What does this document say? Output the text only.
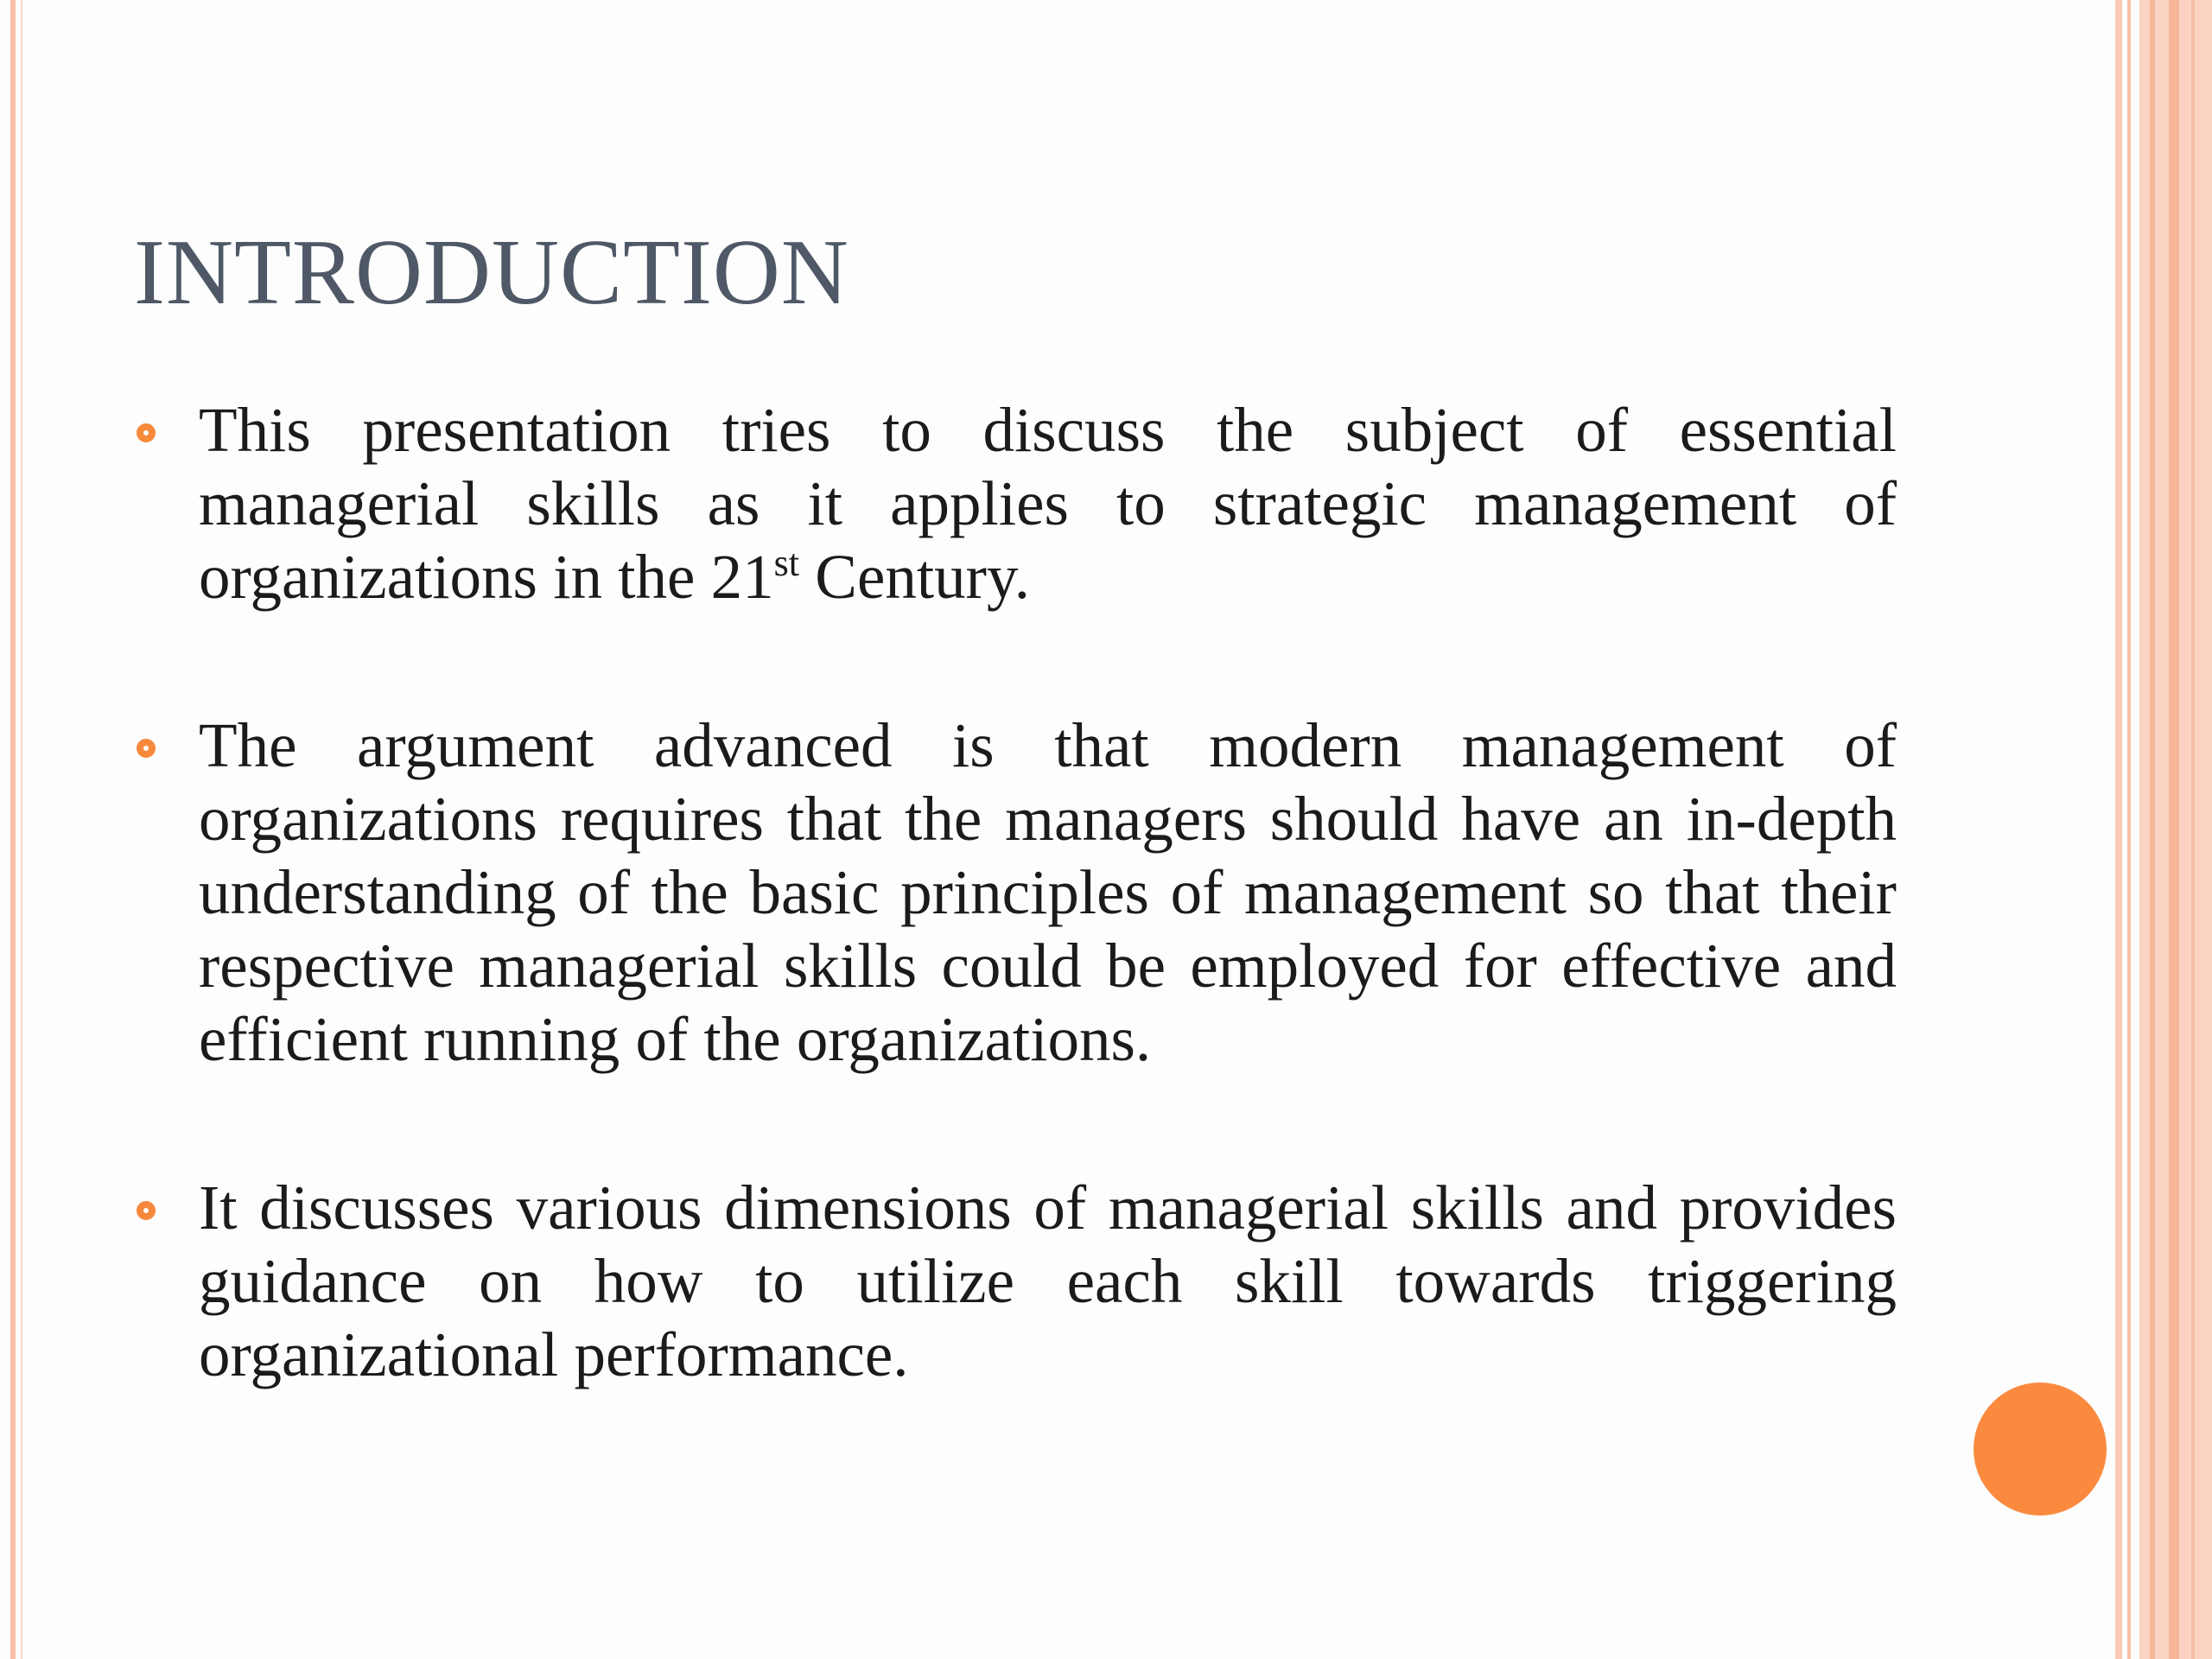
INTRODUCTION
This presentation tries to discuss the subject of essential managerial skills as it applies to strategic management of organizations in the 21st Century.
The argument advanced is that modern management of organizations requires that the managers should have an in-depth understanding of the basic principles of management so that their respective managerial skills could be employed for effective and efficient running of the organizations.
It discusses various dimensions of managerial skills and provides guidance on how to utilize each skill towards triggering organizational performance.
